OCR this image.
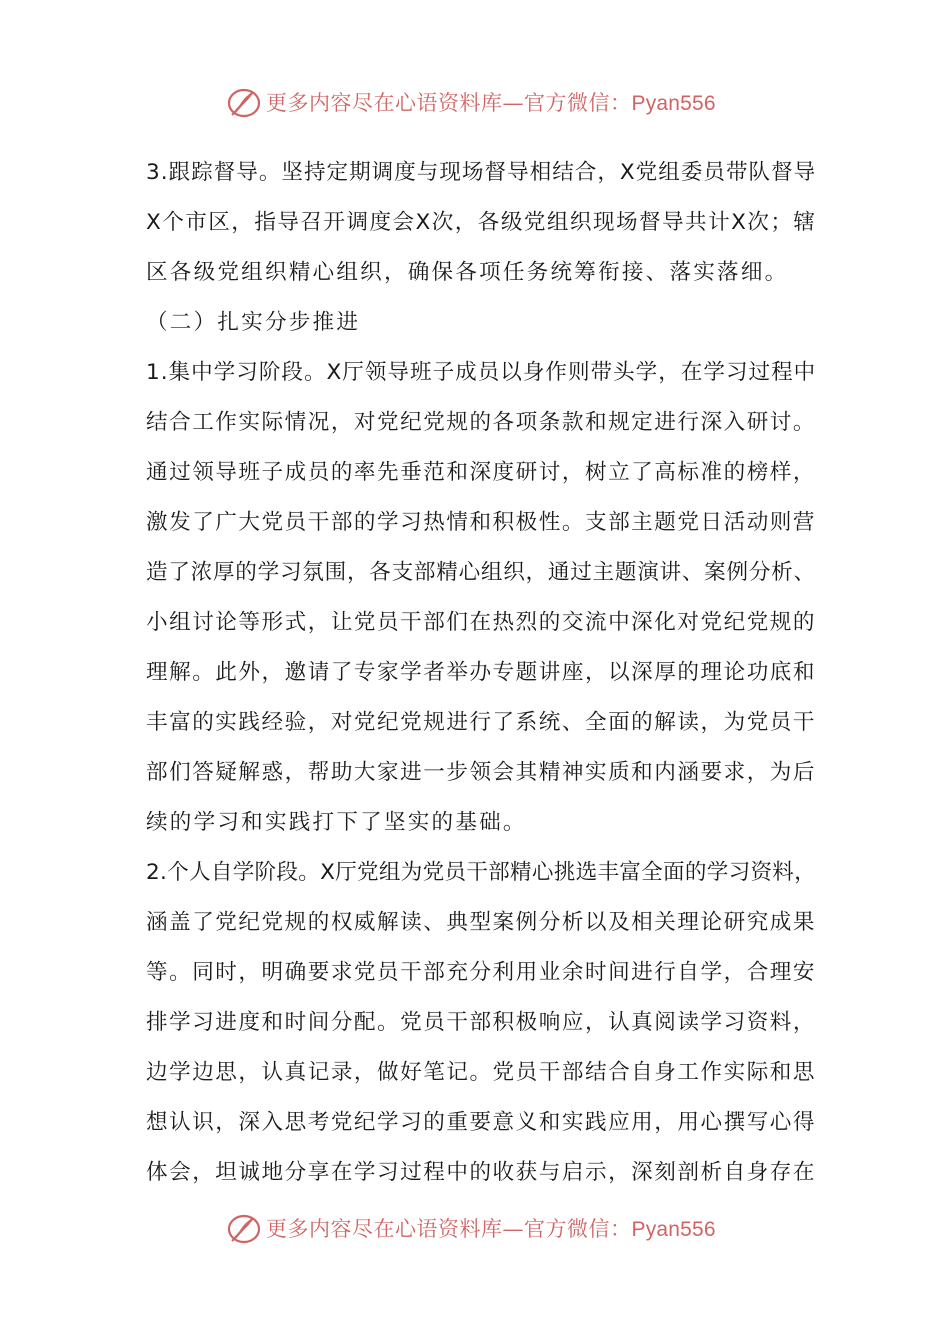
更多内容尽在心语资料库—官方微信：Pyan556
3.跟踪督导。坚持定期调度与现场督导相结合，X党组委员带队督导
X个市区，指导召开调度会X次，各级党组织现场督导共计X次；辖
区各级党组织精心组织，确保各项任务统筹衔接、落实落细。
（二）扎实分步推进
1.集中学习阶段。X厅领导班子成员以身作则带头学，在学习过程中
结合工作实际情况，对党纪党规的各项条款和规定进行深入研讨。
通过领导班子成员的率先垂范和深度研讨，树立了高标准的榜样，
激发了广大党员干部的学习热情和积极性。支部主题党日活动则营
造了浓厚的学习氛围，各支部精心组织，通过主题演讲、案例分析、
小组讨论等形式，让党员干部们在热烈的交流中深化对党纪党规的
理解。此外，邀请了专家学者举办专题讲座，以深厚的理论功底和
丰富的实践经验，对党纪党规进行了系统、全面的解读，为党员干
部们答疑解惑，帮助大家进一步领会其精神实质和内涵要求，为后
续的学习和实践打下了坚实的基础。
2.个人自学阶段。X厅党组为党员干部精心挑选丰富全面的学习资料，
涵盖了党纪党规的权威解读、典型案例分析以及相关理论研究成果
等。同时，明确要求党员干部充分利用业余时间进行自学，合理安
排学习进度和时间分配。党员干部积极响应，认真阅读学习资料，
边学边思，认真记录，做好笔记。党员干部结合自身工作实际和思
想认识，深入思考党纪学习的重要意义和实践应用，用心撰写心得
体会，坦诚地分享在学习过程中的收获与启示，深刻剖析自身存在
更多内容尽在心语资料库—官方微信：Pyan556
